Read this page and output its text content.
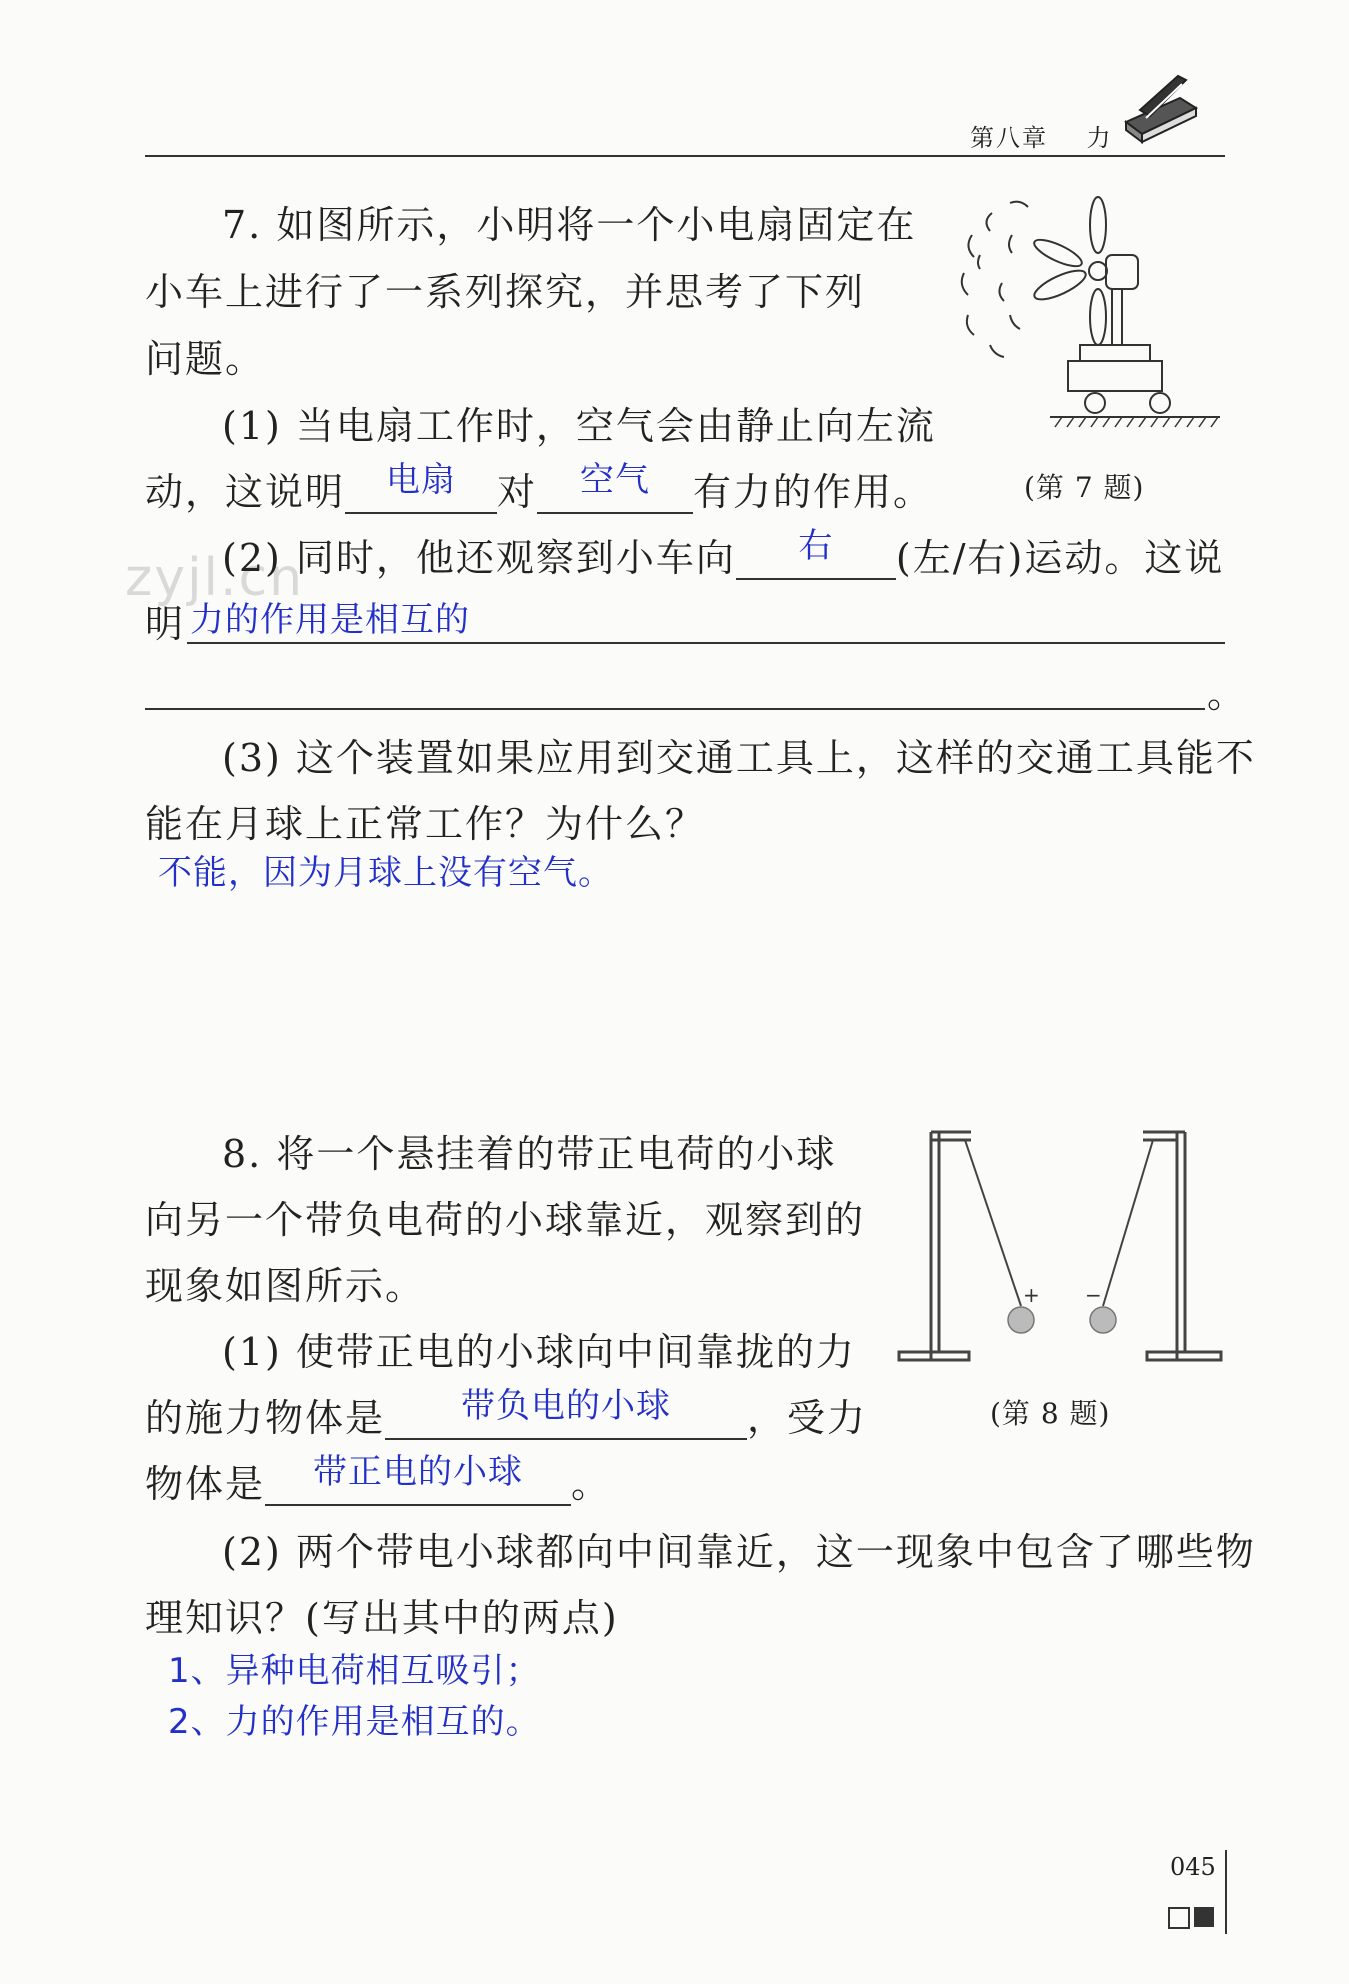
第八章 力
zyjl.cn
(第 7 题)
7. 如图所示，小明将一个小电扇固定在
小车上进行了一系列探究，并思考了下列
问题。
(1) 当电扇工作时，空气会由静止向左流
动，这说明	电扇	对	空气	有力的作用。
(2) 同时，他还观察到小车向	右	(左/右)运动。这说
明 力的作用是相互的
。
(3) 这个装置如果应用到交通工具上，这样的交通工具能不
能在月球上正常工作？为什么？
不能，因为月球上没有空气。
+ −
(第 8 题)
8. 将一个悬挂着的带正电荷的小球
向另一个带负电荷的小球靠近，观察到的
现象如图所示。
(1) 使带正电的小球向中间靠拢的力
的施力物体是	带负电的小球	，受力
物体是	带正电的小球	。
(2) 两个带电小球都向中间靠近，这一现象中包含了哪些物
理知识？(写出其中的两点)
1、异种电荷相互吸引；
2、力的作用是相互的。
045
